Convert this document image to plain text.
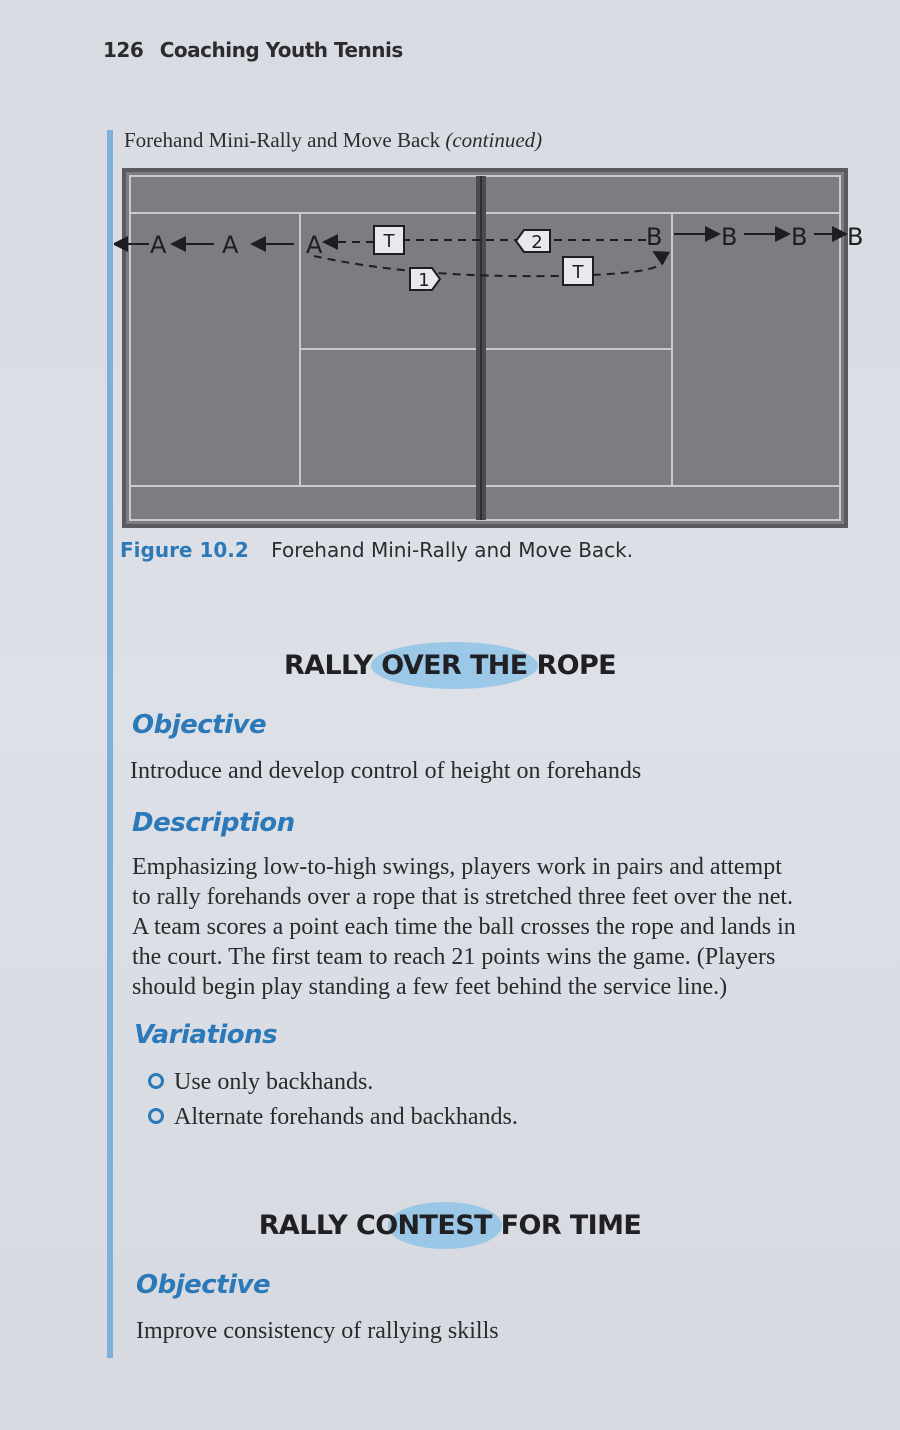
126 Coaching Youth Tennis
Forehand Mini-Rally and Move Back (continued)
A A	A	B B B B
T
T
1
2
Figure 10.2 Forehand Mini-Rally and Move Back.
RALLY OVER THE ROPE
Objective
Introduce and develop control of height on forehands
Description
Emphasizing low-to-high swings, players work in pairs and attempt
to rally forehands over a rope that is stretched three feet over the net.
A team scores a point each time the ball crosses the rope and lands in
the court. The first team to reach 21 points wins the game. (Players
should begin play standing a few feet behind the service line.)
Variations
Use only backhands.
Alternate forehands and backhands.
RALLY CONTEST FOR TIME
Objective
Improve consistency of rallying skills
